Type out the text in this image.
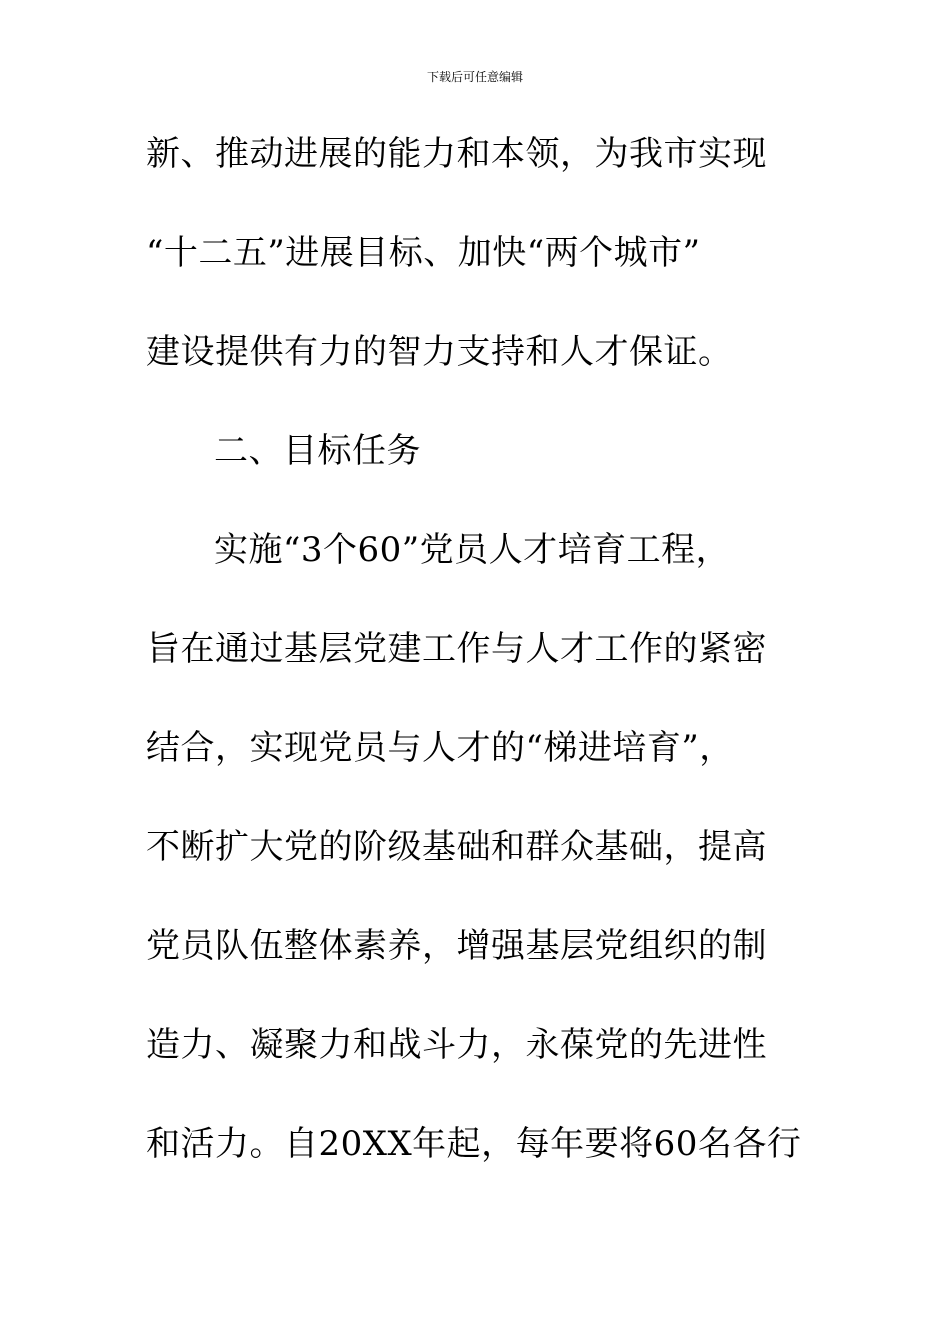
下载后可任意编辑
新、推动进展的能力和本领，为我市实现
“十二五”进展目标、加快“两个城市”
建设提供有力的智力支持和人才保证。
二、目标任务
实施“3个60”党员人才培育工程，
旨在通过基层党建工作与人才工作的紧密
结合，实现党员与人才的“梯进培育”，
不断扩大党的阶级基础和群众基础，提高
党员队伍整体素养，增强基层党组织的制
造力、凝聚力和战斗力，永葆党的先进性
和活力。自20XX年起，每年要将60名各行
